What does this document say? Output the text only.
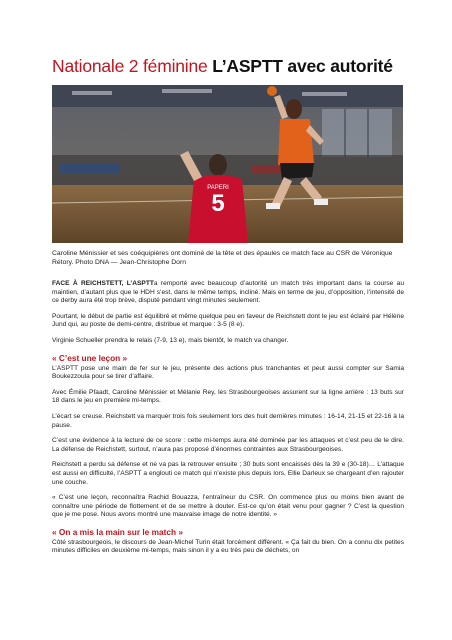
Nationale 2 féminine L’ASPTT avec autorité
5
PAPERI
Caroline Ménissier et ses coéquipières ont dominé de la tête et des épaules ce match face au CSR de Véronique Rétory. Photo DNA — Jean-Christophe Dorn

FACE À REICHSTETT, L’ASPTTa remporté avec beaucoup d’autorité un match très important dans la course au maintien, d’autant plus que le HDH s’est, dans le même temps, incliné. Mais en terme de jeu, d’opposition, l’intensité de ce derby aura été trop brève, disputé pendant vingt minutes seulement.

Pourtant, le début de partie est équilibré et même quelque peu en faveur de Reichstett dont le jeu est éclairé par Hélène Jund qui, au poste de demi-centre, distribue et marque : 3-5 (8 e).

Virginie Schueller prendra le relais (7-9, 13 e), mais bientôt, le match va changer.

« C’est une leçon »

L’ASPTT pose une main de fer sur le jeu, présente des actions plus tranchantes et peut aussi compter sur Samia Boukezzoula pour se tirer d’affaire.

Avec Émilie Pfaadt, Caroline Ménissier et Mélanie Rey, les Strasbourgeoises assurent sur la ligne arrière : 13 buts sur 18 dans le jeu en première mi-temps.

L’écart se creuse. Reichstett va marquer trois fois seulement lors des huit dernières minutes : 16-14, 21-15 et 22-16 à la pause.

C’est une évidence à la lecture de ce score : cette mi-temps aura été dominée par les attaques et c’est peu de le dire. La défense de Reichstett, surtout, n’aura pas proposé d’énormes contraintes aux Strasbourgeoises.

Reichstett a perdu sa défense et ne va pas la retrouver ensuite ; 30 buts sont encaissés dès la 39 e (30-18)… L’attaque est aussi en difficulté, l’ASPTT a englouti ce match qui n’existe plus depuis lors, Ellie Darleux se chargeant d’en rajouter une couche.

« C’est une leçon, reconnaîtra Rachid Bouazza, l’entraîneur du CSR. On commence plus ou moins bien avant de connaître une période de flottement et de se mettre à douter. Est-ce qu’on était venu pour gagner ? C’est la question que je me pose. Nous avons montré une mauvaise image de notre identité. »

« On a mis la main sur le match »

Côté strasbourgeois, le discours de Jean-Michel Turin était forcément différent. « Ça fait du bien. On a connu dix petites minutes difficiles en deuxième mi-temps, mais sinon il y a eu très peu de déchets, on
